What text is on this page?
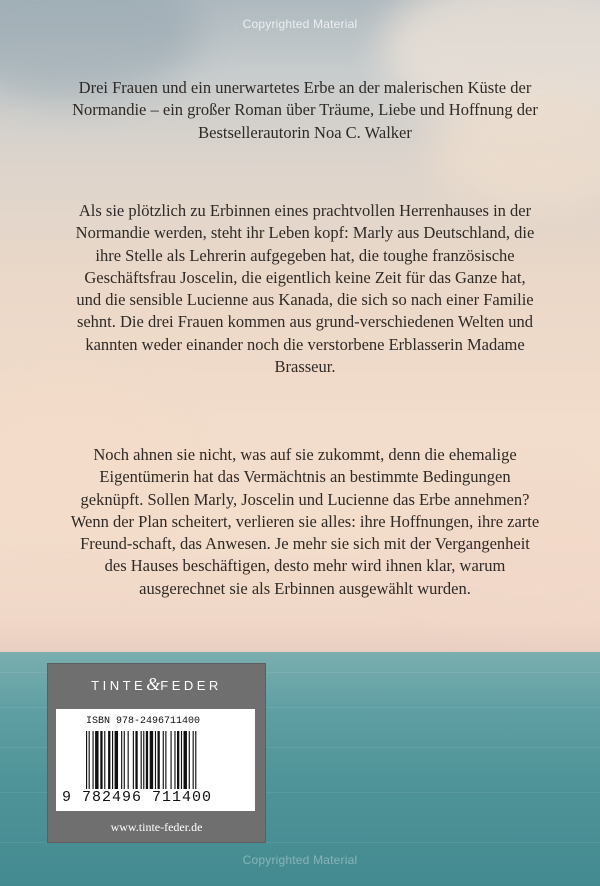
Copyrighted Material

Drei Frauen und ein unerwartetes Erbe an der malerischen Küste der Normandie – ein großer Roman über Träume, Liebe und Hoffnung der Bestsellerautorin Noa C. Walker

Als sie plötzlich zu Erbinnen eines prachtvollen Herrenhauses in der Normandie werden, steht ihr Leben kopf: Marly aus Deutschland, die ihre Stelle als Lehrerin aufgegeben hat, die toughe französische Geschäftsfrau Joscelin, die eigentlich keine Zeit für das Ganze hat, und die sensible Lucienne aus Kanada, die sich so nach einer Familie sehnt. Die drei Frauen kommen aus grund-verschiedenen Welten und kannten weder einander noch die verstorbene Erblasserin Madame Brasseur.

Noch ahnen sie nicht, was auf sie zukommt, denn die ehemalige Eigentümerin hat das Vermächtnis an bestimmte Bedingungen geknüpft. Sollen Marly, Joscelin und Lucienne das Erbe annehmen? Wenn der Plan scheitert, verlieren sie alles: ihre Hoffnungen, ihre zarte Freund-schaft, das Anwesen. Je mehr sie sich mit der Vergangenheit des Hauses beschäftigen, desto mehr wird ihnen klar, warum ausgerechnet sie als Erbinnen ausgewählt wurden.

TINTE&FEDER
ISBN 978-2496711400
9 782496 711400
www.tinte-feder.de
Copyrighted Material
